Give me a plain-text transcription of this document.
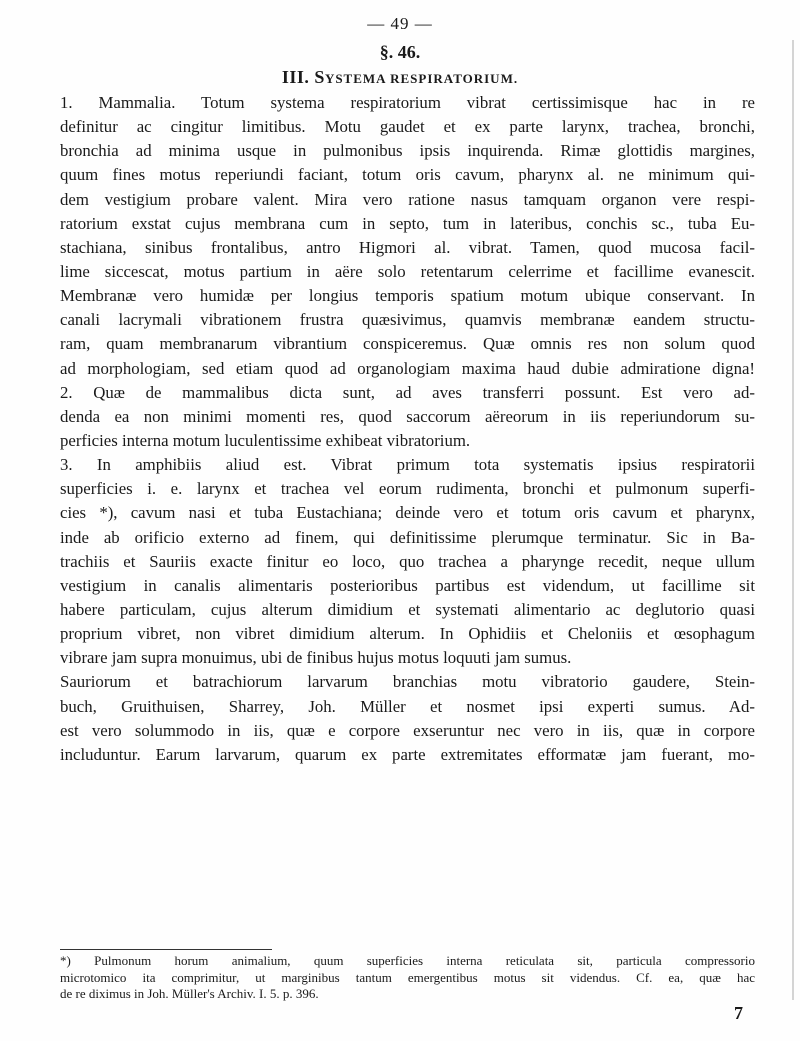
— 49 —
§. 46.
III. SYSTEMA RESPIRATORIUM.
1. Mammalia. Totum systema respiratorium vibrat certissimisque hac in re
definitur ac cingitur limitibus. Motu gaudet et ex parte larynx, trachea, bronchi,
bronchia ad minima usque in pulmonibus ipsis inquirenda. Rimæ glottidis margines,
quum fines motus reperiundi faciant, totum oris cavum, pharynx al. ne minimum qui-
dem vestigium probare valent. Mira vero ratione nasus tamquam organon vere respi-
ratorium exstat cujus membrana cum in septo, tum in lateribus, conchis sc., tuba Eu-
stachiana, sinibus frontalibus, antro Higmori al. vibrat. Tamen, quod mucosa facil-
lime siccescat, motus partium in aëre solo retentarum celerrime et facillime evanescit.
Membranæ vero humidæ per longius temporis spatium motum ubique conservant. In
canali lacrymali vibrationem frustra quæsivimus, quamvis membranæ eandem structu-
ram, quam membranarum vibrantium conspiceremus. Quæ omnis res non solum quod
ad morphologiam, sed etiam quod ad organologiam maxima haud dubie admiratione digna!
2. Quæ de mammalibus dicta sunt, ad aves transferri possunt. Est vero ad-
denda ea non minimi momenti res, quod saccorum aëreorum in iis reperiundorum su-
perficies interna motum luculentissime exhibeat vibratorium.
3. In amphibiis aliud est. Vibrat primum tota systematis ipsius respiratorii
superficies i. e. larynx et trachea vel eorum rudimenta, bronchi et pulmonum superfi-
cies *), cavum nasi et tuba Eustachiana; deinde vero et totum oris cavum et pharynx,
inde ab orificio externo ad finem, qui definitissime plerumque terminatur. Sic in Ba-
trachiis et Sauriis exacte finitur eo loco, quo trachea a pharynge recedit, neque ullum
vestigium in canalis alimentaris posterioribus partibus est videndum, ut facillime sit
habere particulam, cujus alterum dimidium et systemati alimentario ac deglutorio quasi
proprium vibret, non vibret dimidium alterum. In Ophidiis et Cheloniis et œsophagum
vibrare jam supra monuimus, ubi de finibus hujus motus loquuti jam sumus.
Sauriorum et batrachiorum larvarum branchias motu vibratorio gaudere, Stein-
buch, Gruithuisen, Sharrey, Joh. Müller et nosmet ipsi experti sumus. Ad-
est vero solummodo in iis, quæ e corpore exseruntur nec vero in iis, quæ in corpore
includuntur. Earum larvarum, quarum ex parte extremitates efformatæ jam fuerant, mo-
*) Pulmonum horum animalium, quum superficies interna reticulata sit, particula compressorio
microtomico ita comprimitur, ut marginibus tantum emergentibus motus sit videndus. Cf. ea, quæ hac
de re diximus in Joh. Müller's Archiv. I. 5. p. 396.
7
